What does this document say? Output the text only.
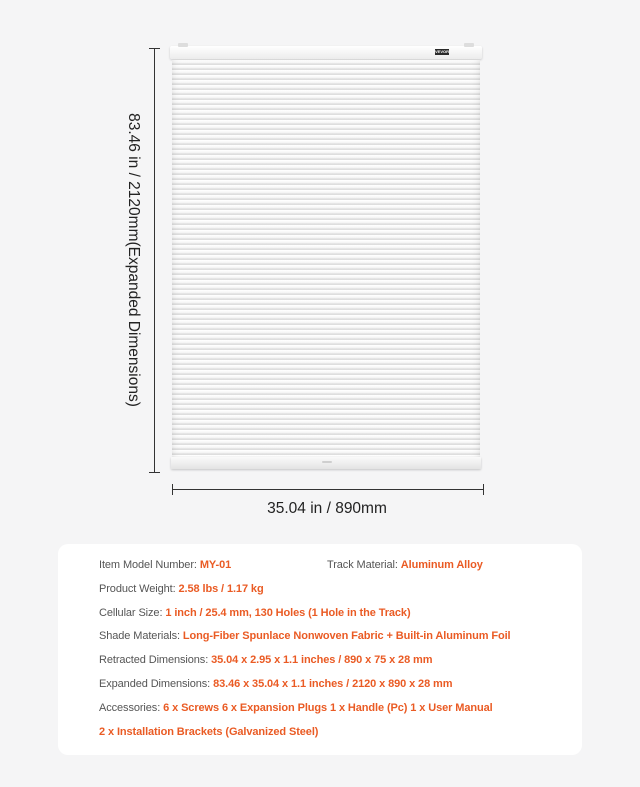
83.46 in / 2120mm(Expanded Dimensions)
VEVOR
35.04 in / 890mm
Item Model Number: MY-01	Track Material: Aluminum Alloy
Product Weight: 2.58 lbs / 1.17 kg
Cellular Size: 1 inch / 25.4 mm, 130 Holes (1 Hole in the Track)
Shade Materials: Long-Fiber Spunlace Nonwoven Fabric + Built-in Aluminum Foil
Retracted Dimensions: 35.04 x 2.95 x 1.1 inches / 890 x 75 x 28 mm
Expanded Dimensions: 83.46 x 35.04 x 1.1 inches / 2120 x 890 x 28 mm
Accessories: 6 x Screws 6 x Expansion Plugs 1 x Handle (Pc) 1 x User Manual
2 x Installation Brackets (Galvanized Steel)
